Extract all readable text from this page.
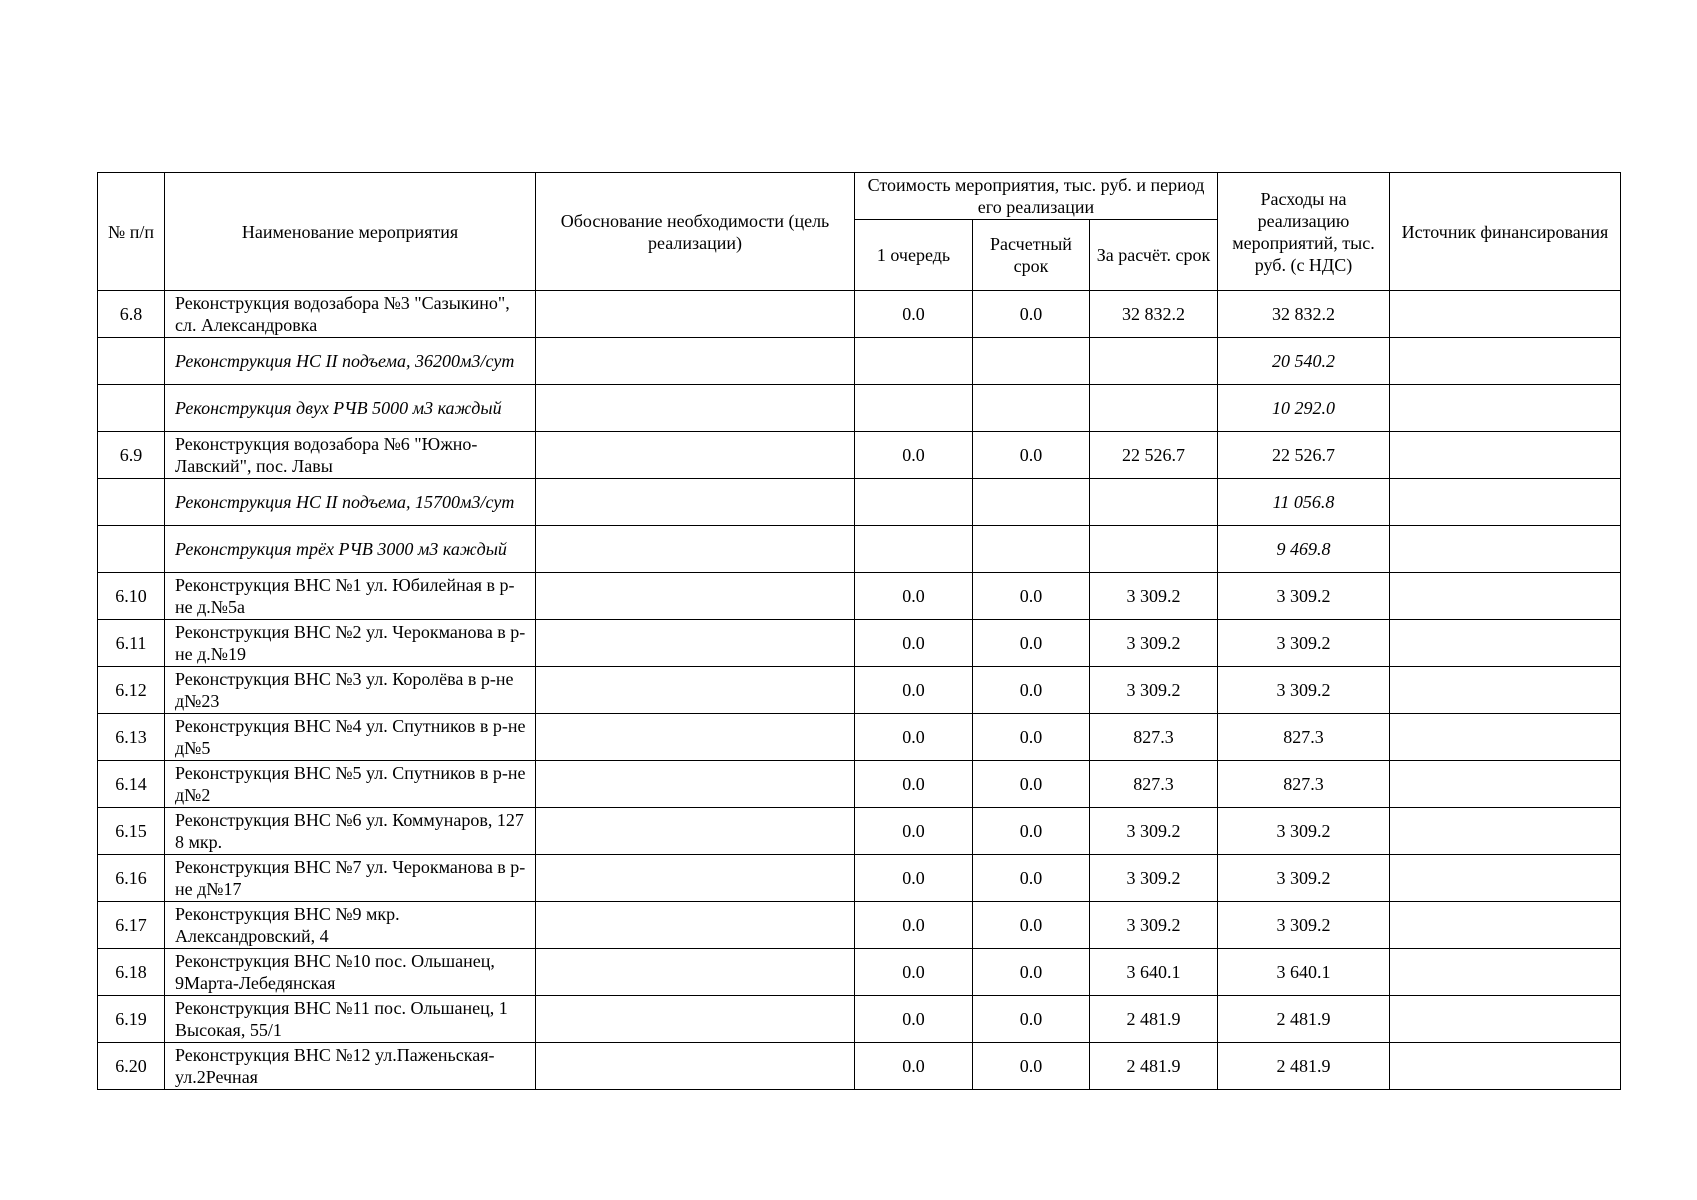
№ п/п	Наименование мероприятия	Обоснование необходимости (цель реализации)	Стоимость мероприятия, тыс. руб. и период его реализации			Расходы на реализацию мероприятий, тыс. руб. (с НДС)	Источник финансирования
			1 очередь	Расчетный срок	За расчёт. срок		
6.8	Реконструкция водозабора №3 "Сазыкино", сл. Александровка		0.0	0.0	32 832.2	32 832.2	
	Реконструкция НС II подъема, 36200м3/сут					20 540.2	
	Реконструкция двух РЧВ 5000 м3 каждый					10 292.0	
6.9	Реконструкция водозабора №6 "Южно-Лавский", пос. Лавы		0.0	0.0	22 526.7	22 526.7	
	Реконструкция НС II подъема, 15700м3/сут					11 056.8	
	Реконструкция трёх РЧВ 3000 м3 каждый					9 469.8	
6.10	Реконструкция ВНС №1 ул. Юбилейная в р-не д.№5а		0.0	0.0	3 309.2	3 309.2	
6.11	Реконструкция ВНС №2 ул. Черокманова в р-не д.№19		0.0	0.0	3 309.2	3 309.2	
6.12	Реконструкция ВНС №3 ул. Королёва в р-не д№23		0.0	0.0	3 309.2	3 309.2	
6.13	Реконструкция ВНС №4 ул. Спутников в р-не д№5		0.0	0.0	827.3	827.3	
6.14	Реконструкция ВНС №5 ул. Спутников в р-не д№2		0.0	0.0	827.3	827.3	
6.15	Реконструкция ВНС №6 ул. Коммунаров, 127 8 мкр.		0.0	0.0	3 309.2	3 309.2	
6.16	Реконструкция ВНС №7 ул. Черокманова в р-не д№17		0.0	0.0	3 309.2	3 309.2	
6.17	Реконструкция ВНС №9 мкр. Александровский, 4		0.0	0.0	3 309.2	3 309.2	
6.18	Реконструкция ВНС №10 пос. Ольшанец, 9Марта-Лебедянская		0.0	0.0	3 640.1	3 640.1	
6.19	Реконструкция ВНС №11 пос. Ольшанец, 1 Высокая, 55/1		0.0	0.0	2 481.9	2 481.9	
6.20	Реконструкция ВНС №12 ул.Паженьская-ул.2Речная		0.0	0.0	2 481.9	2 481.9	
